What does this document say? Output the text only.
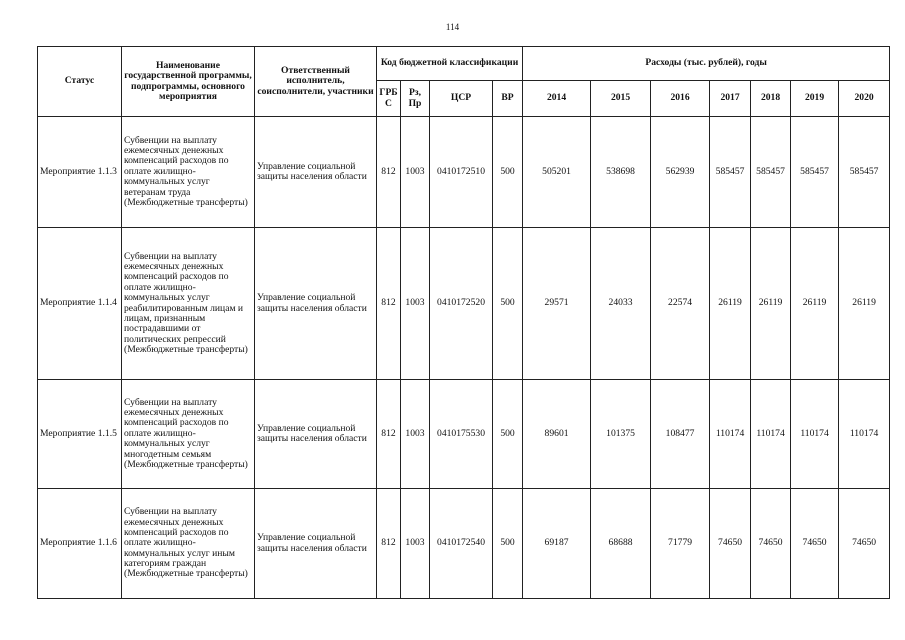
114
Статус	Наименование государственной программы, подпрограммы, основного мероприятия	Ответственный исполнитель, соисполнители, участники	Код бюджетной классификации				Расходы (тыс. рублей), годы						
			ГРБ С	Рз, Пр	ЦСР	ВР	2014	2015	2016	2017	2018	2019	2020
Мероприятие 1.1.3	Субвенции на выплату ежемесячных денежных компенсаций расходов по оплате жилищно-коммунальных услуг ветеранам труда (Межбюджетные трансферты)	Управление социальной защиты населения области	812	1003	0410172510	500	505201	538698	562939	585457	585457	585457	585457
Мероприятие 1.1.4	Субвенции на выплату ежемесячных денежных компенсаций расходов по оплате жилищно-коммунальных услуг реабилитированным лицам и лицам, признанным пострадавшими от политических репрессий (Межбюджетные трансферты)	Управление социальной защиты населения области	812	1003	0410172520	500	29571	24033	22574	26119	26119	26119	26119
Мероприятие 1.1.5	Субвенции на выплату ежемесячных денежных компенсаций расходов по оплате жилищно-коммунальных услуг многодетным семьям (Межбюджетные трансферты)	Управление социальной защиты населения области	812	1003	0410175530	500	89601	101375	108477	110174	110174	110174	110174
Мероприятие 1.1.6	Субвенции на выплату ежемесячных денежных компенсаций расходов по оплате жилищно-коммунальных услуг иным категориям граждан (Межбюджетные трансферты)	Управление социальной защиты населения области	812	1003	0410172540	500	69187	68688	71779	74650	74650	74650	74650
